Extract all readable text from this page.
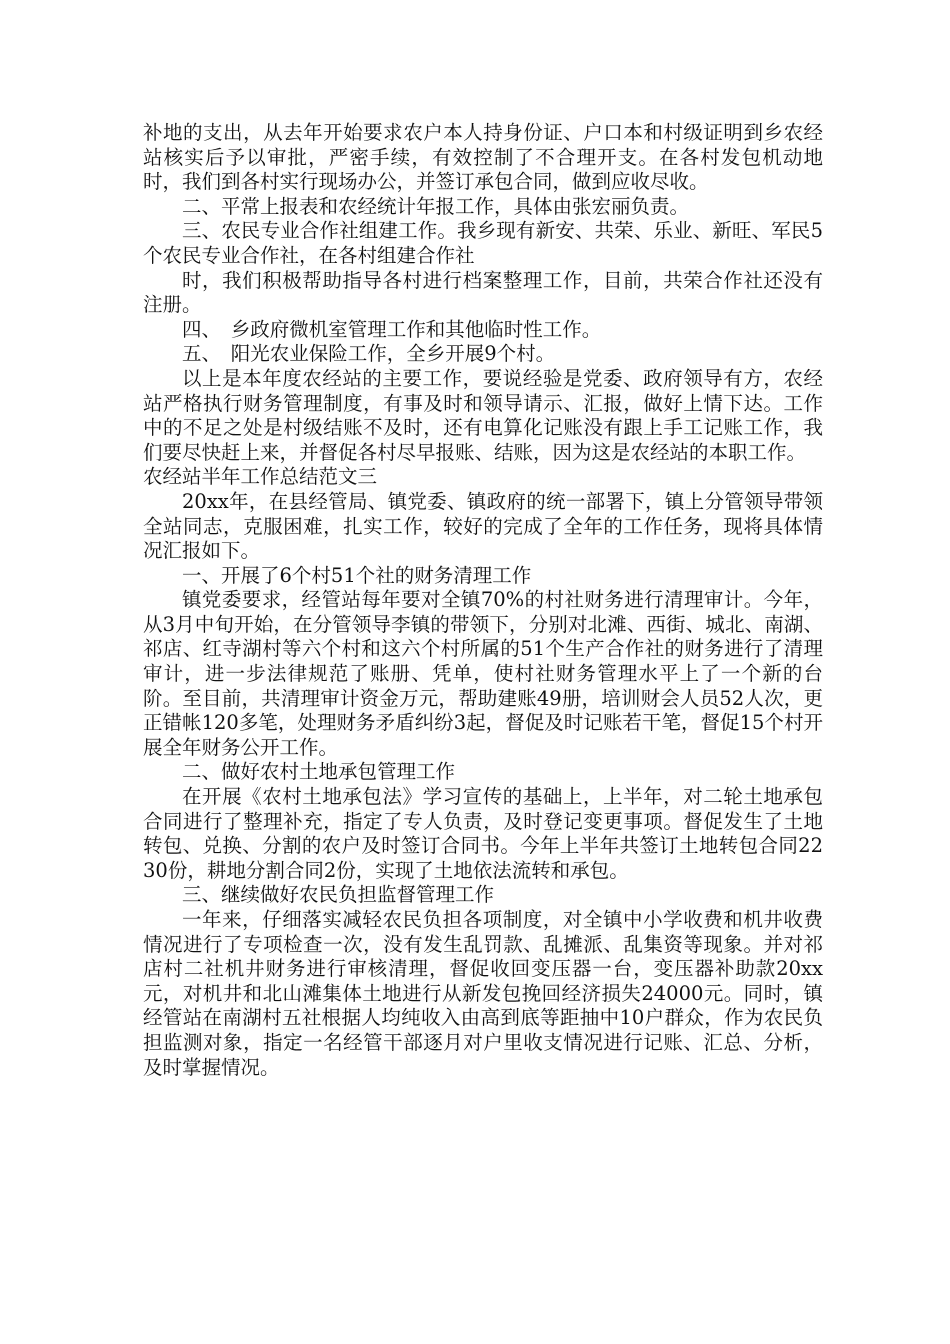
补地的支出，从去年开始要求农户本人持身份证、户口本和村级证明到乡农经站核实后予以审批，严密手续，有效控制了不合理开支。在各村发包机动地时，我们到各村实行现场办公，并签订承包合同，做到应收尽收。

二、平常上报表和农经统计年报工作，具体由张宏丽负责。

三、农民专业合作社组建工作。我乡现有新安、共荣、乐业、新旺、军民5个农民专业合作社，在各村组建合作社

时，我们积极帮助指导各村进行档案整理工作，目前，共荣合作社还没有注册。

四、　乡政府微机室管理工作和其他临时性工作。

五、　阳光农业保险工作，全乡开展9个村。

以上是本年度农经站的主要工作，要说经验是党委、政府领导有方，农经站严格执行财务管理制度，有事及时和领导请示、汇报，做好上情下达。工作中的不足之处是村级结账不及时，还有电算化记账没有跟上手工记账工作，我们要尽快赶上来，并督促各村尽早报账、结账，因为这是农经站的本职工作。

农经站半年工作总结范文三

20xx年，在县经管局、镇党委、镇政府的统一部署下，镇上分管领导带领全站同志，克服困难，扎实工作，较好的完成了全年的工作任务，现将具体情况汇报如下。

一、开展了6个村51个社的财务清理工作

镇党委要求，经管站每年要对全镇70%的村社财务进行清理审计。今年，从3月中旬开始，在分管领导李镇的带领下，分别对北滩、西街、城北、南湖、祁店、红寺湖村等六个村和这六个村所属的51个生产合作社的财务进行了清理审计，进一步法律规范了账册、凭单，使村社财务管理水平上了一个新的台阶。至目前，共清理审计资金万元，帮助建账49册，培训财会人员52人次，更正错帐120多笔，处理财务矛盾纠纷3起，督促及时记账若干笔，督促15个村开展全年财务公开工作。

二、做好农村土地承包管理工作

在开展《农村土地承包法》学习宣传的基础上，上半年，对二轮土地承包合同进行了整理补充，指定了专人负责，及时登记变更事项。督促发生了土地转包、兑换、分割的农户及时签订合同书。今年上半年共签订土地转包合同2230份，耕地分割合同2份，实现了土地依法流转和承包。

三、继续做好农民负担监督管理工作

一年来，仔细落实减轻农民负担各项制度，对全镇中小学收费和机井收费情况进行了专项检查一次，没有发生乱罚款、乱摊派、乱集资等现象。并对祁店村二社机井财务进行审核清理，督促收回变压器一台，变压器补助款20xx元，对机井和北山滩集体土地进行从新发包挽回经济损失24000元。同时，镇经管站在南湖村五社根据人均纯收入由高到底等距抽中10户群众，作为农民负担监测对象，指定一名经管干部逐月对户里收支情况进行记账、汇总、分析，及时掌握情况。
